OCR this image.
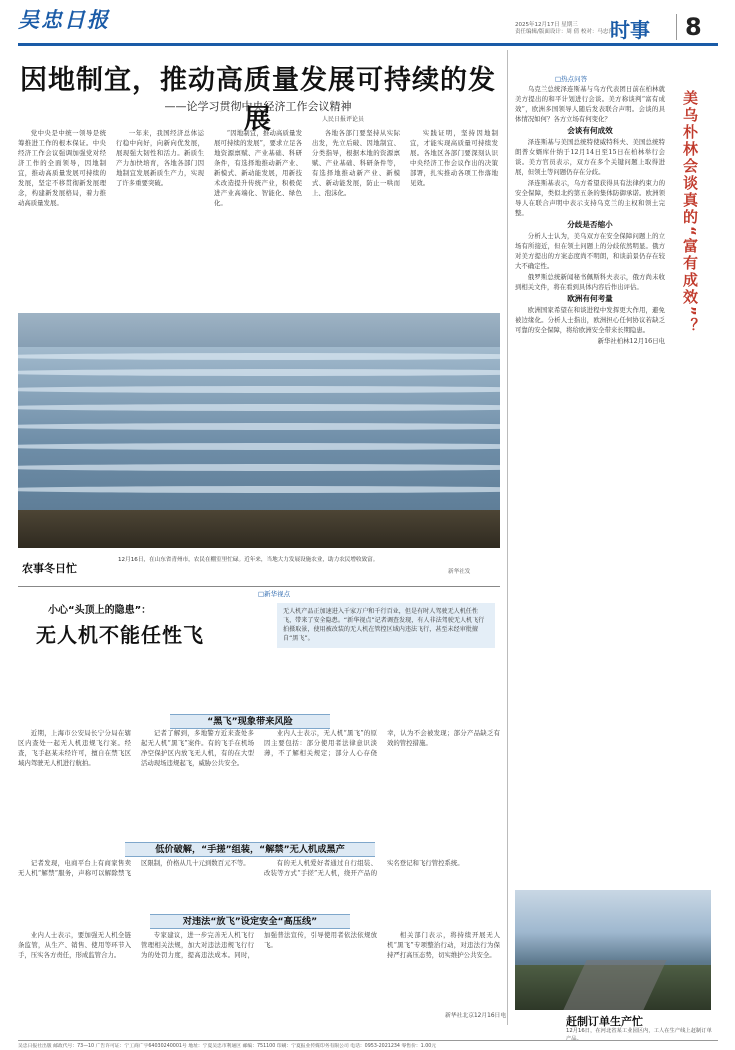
吴忠日报	2025年12月17日 星期三
责任编辑/版面设计：周 倩 校对：马忠萍
时事	8
因地制宜，推动高质量发展可持续的发展
——论学习贯彻中央经济工作会议精神
人民日报评论员

党中央是中统一领导是统筹推进工作的根本保证。中央经济工作会议强调加强党对经济工作的全面领导，因地制宜，推动高质量发展可持续的发展，坚定不移贯彻新发展理念，构建新发展格局，着力推动高质量发展。

一年来，我国经济总体运行稳中向好，向新向优发展，展现强大韧性和活力。新质生产力加快培育，各地各部门因地制宜发展新质生产力，实现了许多重要突破。

“因地制宜，推动高质量发展可持续的发展”，要求立足各地资源禀赋、产业基础、科研条件，有选择地推动新产业、新模式、新动能发展，用新技术改造提升传统产业，积极促进产业高端化、智能化、绿色化。

各地各部门要坚持从实际出发，先立后破、因地制宜、分类指导，根据本地的资源禀赋、产业基础、科研条件等，有选择地推动新产业、新模式、新动能发展，防止一哄而上、泡沫化。

实践证明，坚持因地制宜，才能实现高质量可持续发展。各地区各部门要深刻认识中央经济工作会议作出的决策部署，扎实推动各项工作落地见效。

农事冬日忙
12月16日，在山东省青州市，农民在棚室里忙碌。近年来，当地大力发展设施农业，助力农民增收致富。
新华社发
□新华视点
小心“头顶上的隐患”：
无人机不能任性飞
无人机产品正加速进入千家万户和千行百业，但是有时人驾驶无人机任性飞，带来了安全隐患。“新华视点”记者调查发现，有人非法驾驶无人机飞行拍摄取景，使用被改装的无人机在管控区域内违法飞行，甚至未经审批擅自“黑飞”。
“黑飞”现象带来风险

近期，上海市公安局长宁分局在辖区内查处一起无人机违规飞行案。经查，飞手赵某未经许可，擅自在禁飞区域内驾驶无人机进行航拍。

记者了解到，多地警方近来查处多起无人机“黑飞”案件。有的飞手在机场净空保护区内放飞无人机，有的在大型活动现场违规起飞，威胁公共安全。

业内人士表示，无人机“黑飞”的原因主要包括：部分使用者法律意识淡薄，不了解相关规定；部分人心存侥幸，认为不会被发现；部分产品缺乏有效的管控措施。

低价破解，“手搓”组装，“解禁”无人机成黑产

记者发现，电商平台上有商家售卖无人机“解禁”服务，声称可以解除禁飞区限制，价格从几十元到数百元不等。	有的无人机爱好者通过自行组装、改装等方式“手搓”无人机，绕开产品的实名登记和飞行管控系统。

对违法“放飞”设定安全“高压线”

业内人士表示，要加强无人机全链条监管，从生产、销售、使用等环节入手，压实各方责任，形成监管合力。

专家建议，进一步完善无人机飞行管理相关法规，加大对违法违规飞行行为的处罚力度，提高违法成本。同时，加强普法宣传，引导使用者依法依规放飞。

相关部门表示，将持续开展无人机“黑飞”专项整治行动，对违法行为保持严打高压态势，切实维护公共安全。

新华社北京12月16日电
□热点问答
美乌朴林会谈真的“富有成效”？

乌克兰总统泽连斯基与乌方代表团日前在柏林就美方提出的和平计划进行会谈。美方称谈判“富有成效”，欧洲多国领导人随后发表联合声明。会谈的具体情况如何？各方立场有何变化？

会谈有何成效

泽连斯基与美国总统特使威特科夫、美国总统特朗普女婿库什纳于12月14日至15日在柏林举行会谈。美方官员表示，双方在多个关键问题上取得进展，但领土等问题仍存在分歧。

泽连斯基表示，乌方希望获得具有法律约束力的安全保障，类似北约第五条的集体防御承诺。欧洲领导人在联合声明中表示支持乌克兰的主权和领土完整。

分歧是否缩小

分析人士认为，美乌双方在安全保障问题上的立场有所接近，但在领土问题上的分歧依然明显。俄方对美方提出的方案态度尚不明朗，和谈前景仍存在较大不确定性。

俄罗斯总统新闻秘书佩斯科夫表示，俄方尚未收到相关文件，将在看到具体内容后作出评估。

欧洲有何考量

欧洲国家希望在和谈进程中发挥更大作用，避免被边缘化。分析人士指出，欧洲担心任何协议若缺乏可靠的安全保障，将给欧洲安全带来长期隐患。

新华社柏林12月16日电

赶制订单生产忙
12月16日，在河北省某工业园区内，工人在生产线上赶制订单产品。
吴忠日报社出版 邮政代号：73—10 广告许可证：宁工商广字64030240001号 地址：宁夏吴忠市利通区 邮编：751100 印刷：宁夏报业传媒印务有限公司 电话：0953-2021234 零售价：1.00元
